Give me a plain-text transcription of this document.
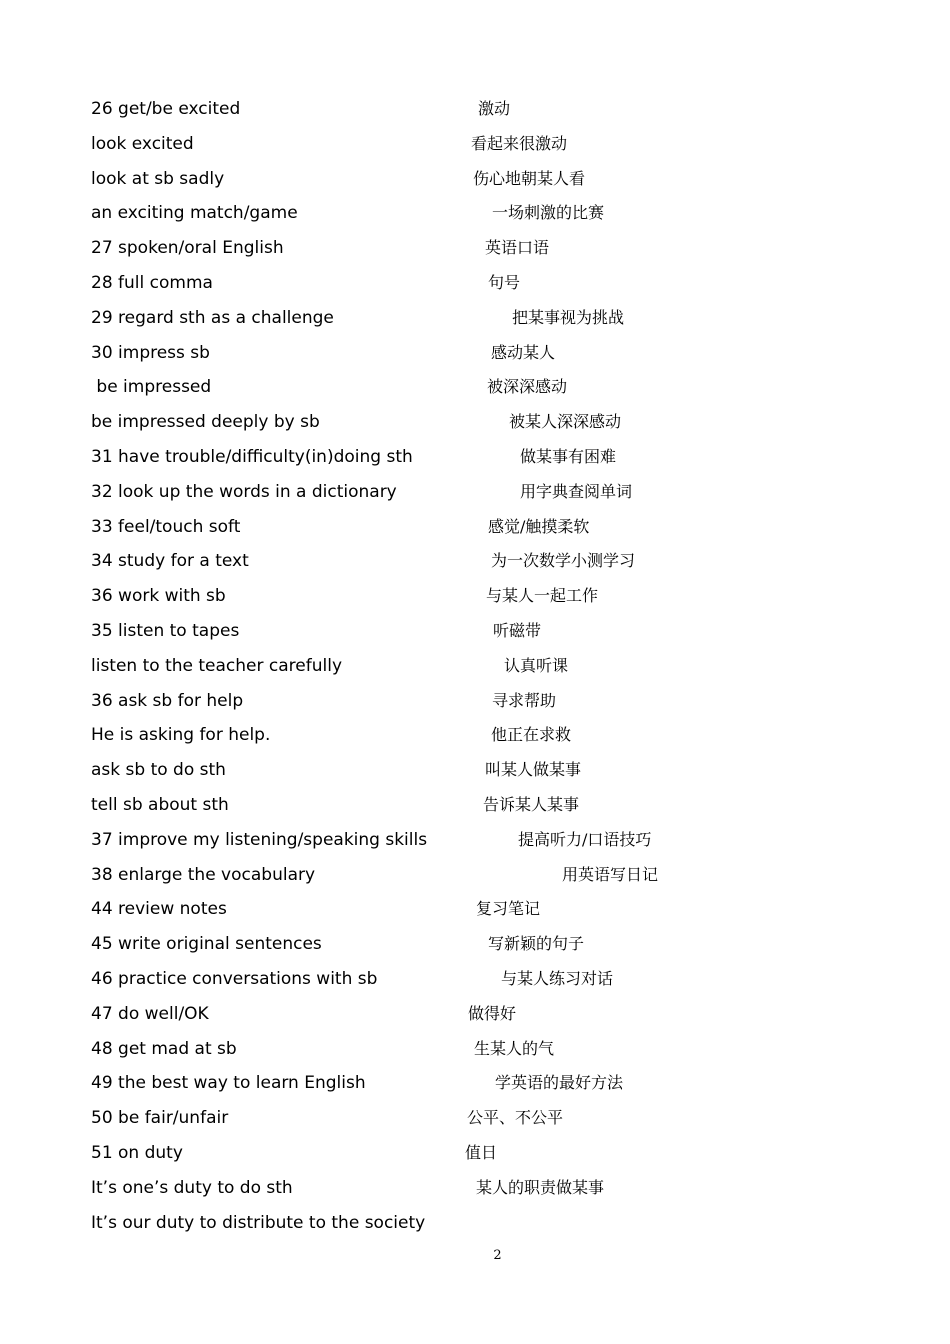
26 get/be excited	激动
look excited	看起来很激动
look at sb sadly	伤心地朝某人看
an exciting match/game	一场刺激的比赛
27 spoken/oral English	英语口语
28 full comma	句号
29 regard sth as a challenge	把某事视为挑战
30 impress sb	感动某人
be impressed	被深深感动
be impressed deeply by sb	被某人深深感动
31 have trouble/difficulty(in)doing sth	做某事有困难
32 look up the words in a dictionary	用字典查阅单词
33 feel/touch soft	感觉/触摸柔软
34 study for a text	为一次数学小测学习
36 work with sb	与某人一起工作
35 listen to tapes	听磁带
listen to the teacher carefully	认真听课
36 ask sb for help	寻求帮助
He is asking for help.	他正在求救
ask sb to do sth	叫某人做某事
tell sb about sth	告诉某人某事
37 improve my listening/speaking skills	提高听力/口语技巧
38 enlarge the vocabulary	用英语写日记
44 review notes	复习笔记
45 write original sentences	写新颖的句子
46 practice conversations with sb	与某人练习对话
47 do well/OK	做得好
48 get mad at sb	生某人的气
49 the best way to learn English	学英语的最好方法
50 be fair/unfair	公平、不公平
51 on duty	值日
It’s one’s duty to do sth	某人的职责做某事
It’s our duty to distribute to the society
2
